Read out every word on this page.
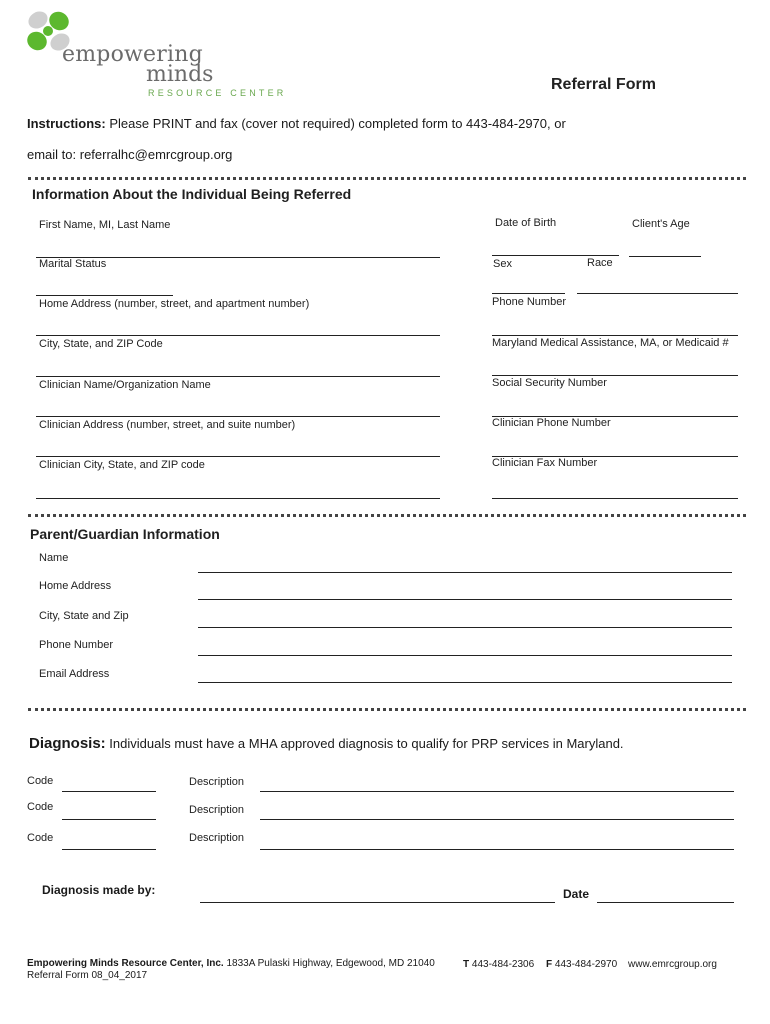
empowering
minds
RESOURCE CENTER	Referral Form
Instructions: Please PRINT and fax (cover not required) completed form to 443-484-2970, or
email to: referralhc@emrcgroup.org
Information About the Individual Being Referred
First Name, MI, Last Name	Date of Birth	Client's Age
Marital Status	Sex	Race
Home Address (number, street, and apartment number)	Phone Number
City, State, and ZIP Code	Maryland Medical Assistance, MA, or Medicaid #
Clinician Name/Organization Name	Social Security Number
Clinician Address (number, street, and suite number)	Clinician Phone Number
Clinician City, State, and ZIP code	Clinician Fax Number
Parent/Guardian Information
Name
Home Address
City, State and Zip
Phone Number
Email Address
Diagnosis: Individuals must have a MHA approved diagnosis to qualify for PRP services in Maryland.
Code	Description
Code	Description
Code	Description
Diagnosis made by:	Date
Empowering Minds Resource Center, Inc. 1833A Pulaski Highway, Edgewood, MD 21040	T 443-484-2306 F 443-484-2970 www.emrcgroup.org
Referral Form 08_04_2017
